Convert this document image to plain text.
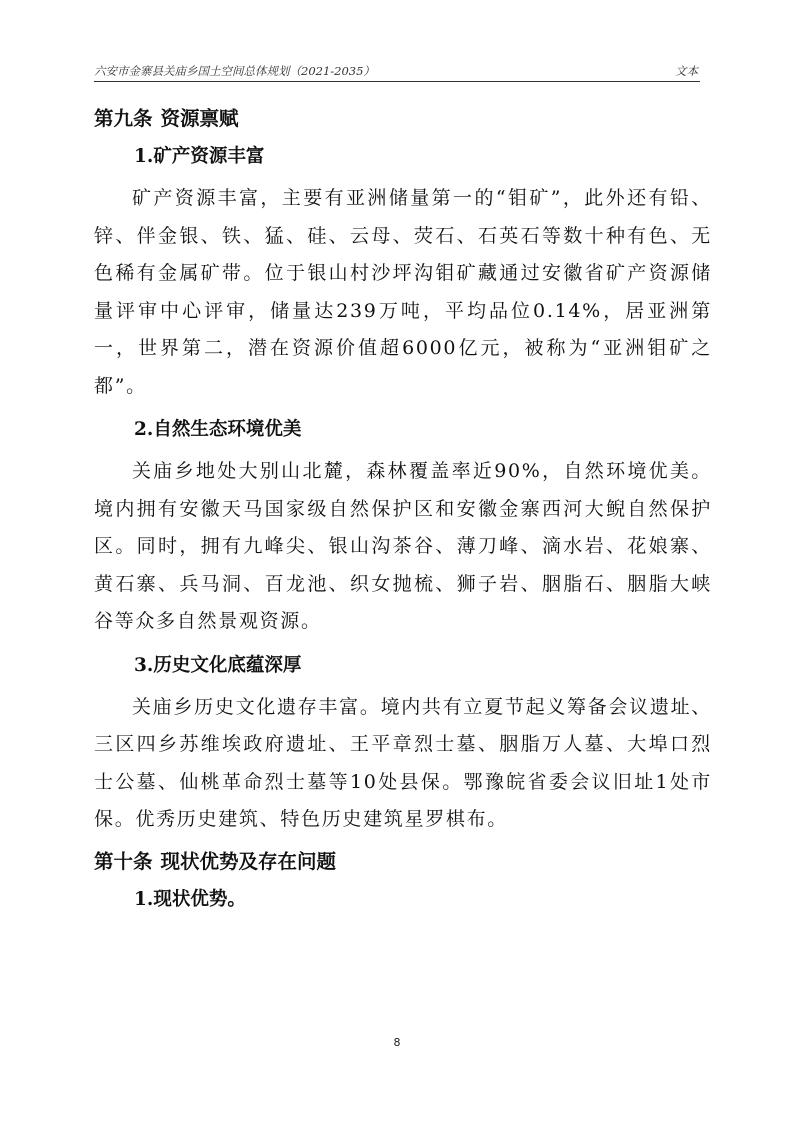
六安市金寨县关庙乡国土空间总体规划（2021-2035）	文本
第九条 资源禀赋
1.矿产资源丰富

矿产资源丰富，主要有亚洲储量第一的“钼矿”，此外还有铅、锌、伴金银、铁、猛、硅、云母、荧石、石英石等数十种有色、无色稀有金属矿带。位于银山村沙坪沟钼矿藏通过安徽省矿产资源储量评审中心评审，储量达239万吨，平均品位0.14%，居亚洲第一，世界第二，潜在资源价值超6000亿元，被称为“亚洲钼矿之都”。

2.自然生态环境优美

关庙乡地处大别山北麓，森林覆盖率近90%，自然环境优美。境内拥有安徽天马国家级自然保护区和安徽金寨西河大鲵自然保护区。同时，拥有九峰尖、银山沟茶谷、薄刀峰、滴水岩、花娘寨、黄石寨、兵马洞、百龙池、织女抛梳、狮子岩、胭脂石、胭脂大峡谷等众多自然景观资源。

3.历史文化底蕴深厚

关庙乡历史文化遗存丰富。境内共有立夏节起义筹备会议遗址、三区四乡苏维埃政府遗址、王平章烈士墓、胭脂万人墓、大埠口烈士公墓、仙桃革命烈士墓等10处县保。鄂豫皖省委会议旧址1处市保。优秀历史建筑、特色历史建筑星罗棋布。

第十条 现状优势及存在问题
1.现状优势。
8
